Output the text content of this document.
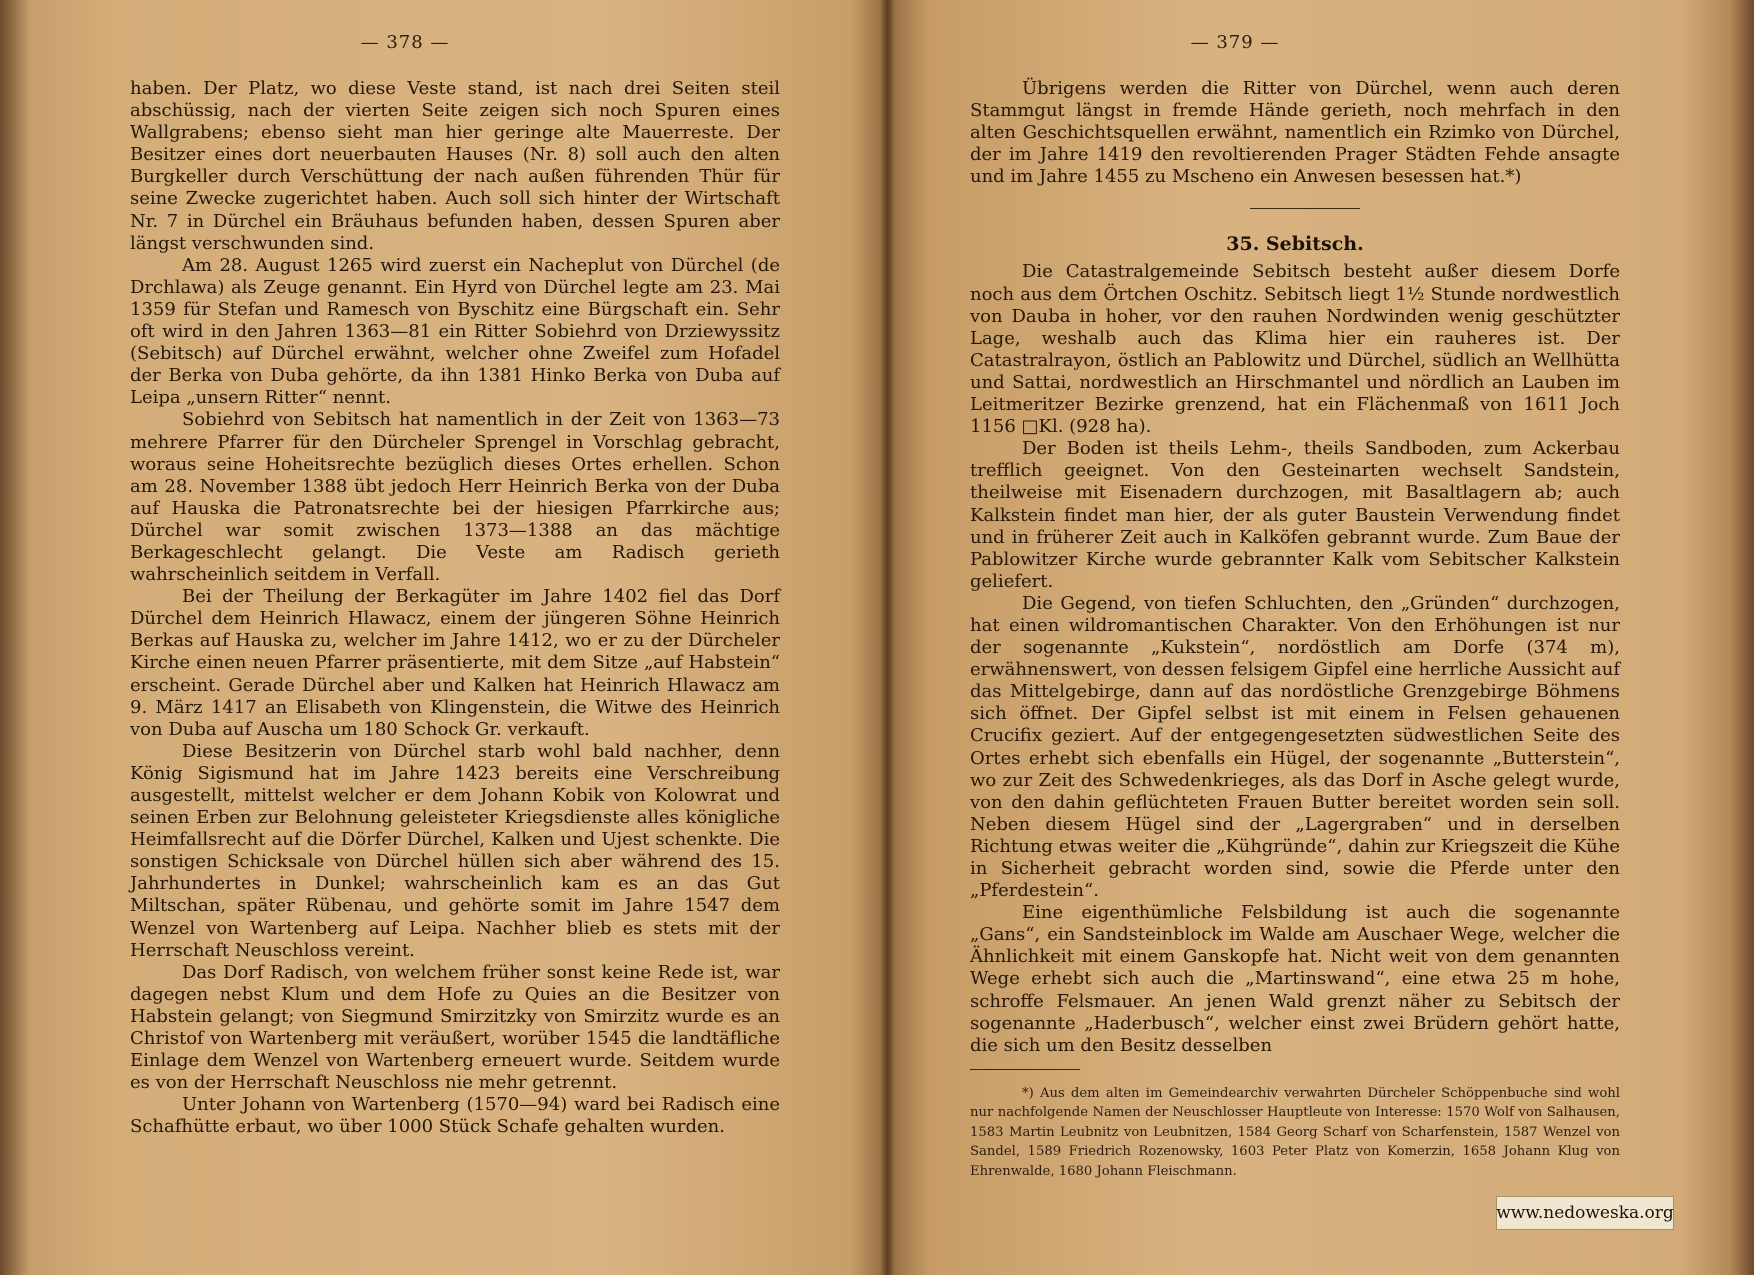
— 378 —

haben. Der Platz, wo diese Veste stand, ist nach drei Seiten steil abschüssig, nach der vierten Seite zeigen sich noch Spuren eines Wallgrabens; ebenso sieht man hier geringe alte Mauerreste. Der Besitzer eines dort neuerbauten Hauses (Nr. 8) soll auch den alten Burgkeller durch Verschüttung der nach außen führenden Thür für seine Zwecke zugerichtet haben. Auch soll sich hinter der Wirtschaft Nr. 7 in Dürchel ein Bräuhaus befunden haben, dessen Spuren aber längst verschwunden sind.

Am 28. August 1265 wird zuerst ein Nacheplut von Dürchel (de Drchlawa) als Zeuge genannt. Ein Hyrd von Dürchel legte am 23. Mai 1359 für Stefan und Ramesch von Byschitz eine Bürgschaft ein. Sehr oft wird in den Jahren 1363—81 ein Ritter Sobiehrd von Drziewyssitz (Sebitsch) auf Dürchel erwähnt, welcher ohne Zweifel zum Hofadel der Berka von Duba gehörte, da ihn 1381 Hinko Berka von Duba auf Leipa „unsern Ritter“ nennt.

Sobiehrd von Sebitsch hat namentlich in der Zeit von 1363—73 mehrere Pfarrer für den Dürcheler Sprengel in Vorschlag gebracht, woraus seine Hoheitsrechte bezüglich dieses Ortes erhellen. Schon am 28. November 1388 übt jedoch Herr Heinrich Berka von der Duba auf Hauska die Patronatsrechte bei der hiesigen Pfarrkirche aus; Dürchel war somit zwischen 1373—1388 an das mächtige Berkageschlecht gelangt. Die Veste am Radisch gerieth wahrscheinlich seitdem in Verfall.

Bei der Theilung der Berkagüter im Jahre 1402 fiel das Dorf Dürchel dem Heinrich Hlawacz, einem der jüngeren Söhne Heinrich Berkas auf Hauska zu, welcher im Jahre 1412, wo er zu der Dürcheler Kirche einen neuen Pfarrer präsentierte, mit dem Sitze „auf Habstein“ erscheint. Gerade Dürchel aber und Kalken hat Heinrich Hlawacz am 9. März 1417 an Elisabeth von Klingenstein, die Witwe des Heinrich von Duba auf Auscha um 180 Schock Gr. verkauft.

Diese Besitzerin von Dürchel starb wohl bald nachher, denn König Sigismund hat im Jahre 1423 bereits eine Verschreibung ausgestellt, mittelst welcher er dem Johann Kobik von Kolowrat und seinen Erben zur Belohnung geleisteter Kriegsdienste alles königliche Heimfallsrecht auf die Dörfer Dürchel, Kalken und Ujest schenkte. Die sonstigen Schicksale von Dürchel hüllen sich aber während des 15. Jahrhundertes in Dunkel; wahrscheinlich kam es an das Gut Miltschan, später Rübenau, und gehörte somit im Jahre 1547 dem Wenzel von Wartenberg auf Leipa. Nachher blieb es stets mit der Herrschaft Neuschloss vereint.

Das Dorf Radisch, von welchem früher sonst keine Rede ist, war dagegen nebst Klum und dem Hofe zu Quies an die Besitzer von Habstein gelangt; von Siegmund Smirzitzky von Smirzitz wurde es an Christof von Wartenberg mit veräußert, worüber 1545 die landtäfliche Einlage dem Wenzel von Wartenberg erneuert wurde. Seitdem wurde es von der Herrschaft Neuschloss nie mehr getrennt.

Unter Johann von Wartenberg (1570—94) ward bei Radisch eine Schafhütte erbaut, wo über 1000 Stück Schafe gehalten wurden.

— 379 —

Übrigens werden die Ritter von Dürchel, wenn auch deren Stammgut längst in fremde Hände gerieth, noch mehrfach in den alten Geschichtsquellen erwähnt, namentlich ein Rzimko von Dürchel, der im Jahre 1419 den revoltierenden Prager Städten Fehde ansagte und im Jahre 1455 zu Mscheno ein Anwesen besessen hat.*)

35. Sebitsch.

Die Catastralgemeinde Sebitsch besteht außer diesem Dorfe noch aus dem Örtchen Oschitz. Sebitsch liegt 1½ Stunde nordwestlich von Dauba in hoher, vor den rauhen Nordwinden wenig geschützter Lage, weshalb auch das Klima hier ein rauheres ist. Der Catastralrayon, östlich an Pablowitz und Dürchel, südlich an Wellhütta und Sattai, nordwestlich an Hirschmantel und nördlich an Lauben im Leitmeritzer Bezirke grenzend, hat ein Flächenmaß von 1611 Joch 1156 □Kl. (928 ha).

Der Boden ist theils Lehm-, theils Sandboden, zum Ackerbau trefflich geeignet. Von den Gesteinarten wechselt Sandstein, theilweise mit Eisenadern durchzogen, mit Basaltlagern ab; auch Kalkstein findet man hier, der als guter Baustein Verwendung findet und in früherer Zeit auch in Kalköfen gebrannt wurde. Zum Baue der Pablowitzer Kirche wurde gebrannter Kalk vom Sebitscher Kalkstein geliefert.

Die Gegend, von tiefen Schluchten, den „Gründen“ durchzogen, hat einen wildromantischen Charakter. Von den Erhöhungen ist nur der sogenannte „Kukstein“, nordöstlich am Dorfe (374 m), erwähnenswert, von dessen felsigem Gipfel eine herrliche Aussicht auf das Mittelgebirge, dann auf das nordöstliche Grenzgebirge Böhmens sich öffnet. Der Gipfel selbst ist mit einem in Felsen gehauenen Crucifix geziert. Auf der entgegengesetzten südwestlichen Seite des Ortes erhebt sich ebenfalls ein Hügel, der sogenannte „Butterstein“, wo zur Zeit des Schwedenkrieges, als das Dorf in Asche gelegt wurde, von den dahin geflüchteten Frauen Butter bereitet worden sein soll. Neben diesem Hügel sind der „Lagergraben“ und in derselben Richtung etwas weiter die „Kühgründe“, dahin zur Kriegszeit die Kühe in Sicherheit gebracht worden sind, sowie die Pferde unter den „Pferdestein“.

Eine eigenthümliche Felsbildung ist auch die sogenannte „Gans“, ein Sandsteinblock im Walde am Auschaer Wege, welcher die Ähnlichkeit mit einem Ganskopfe hat. Nicht weit von dem genannten Wege erhebt sich auch die „Martinswand“, eine etwa 25 m hohe, schroffe Felsmauer. An jenen Wald grenzt näher zu Sebitsch der sogenannte „Haderbusch“, welcher einst zwei Brüdern gehört hatte, die sich um den Besitz desselben

*) Aus dem alten im Gemeindearchiv verwahrten Dürcheler Schöppenbuche sind wohl nur nachfolgende Namen der Neuschlosser Hauptleute von Interesse: 1570 Wolf von Salhausen, 1583 Martin Leubnitz von Leubnitzen, 1584 Georg Scharf von Scharfenstein, 1587 Wenzel von Sandel, 1589 Friedrich Rozenowsky, 1603 Peter Platz von Komerzin, 1658 Johann Klug von Ehrenwalde, 1680 Johann Fleischmann.

www.nedoweska.org
